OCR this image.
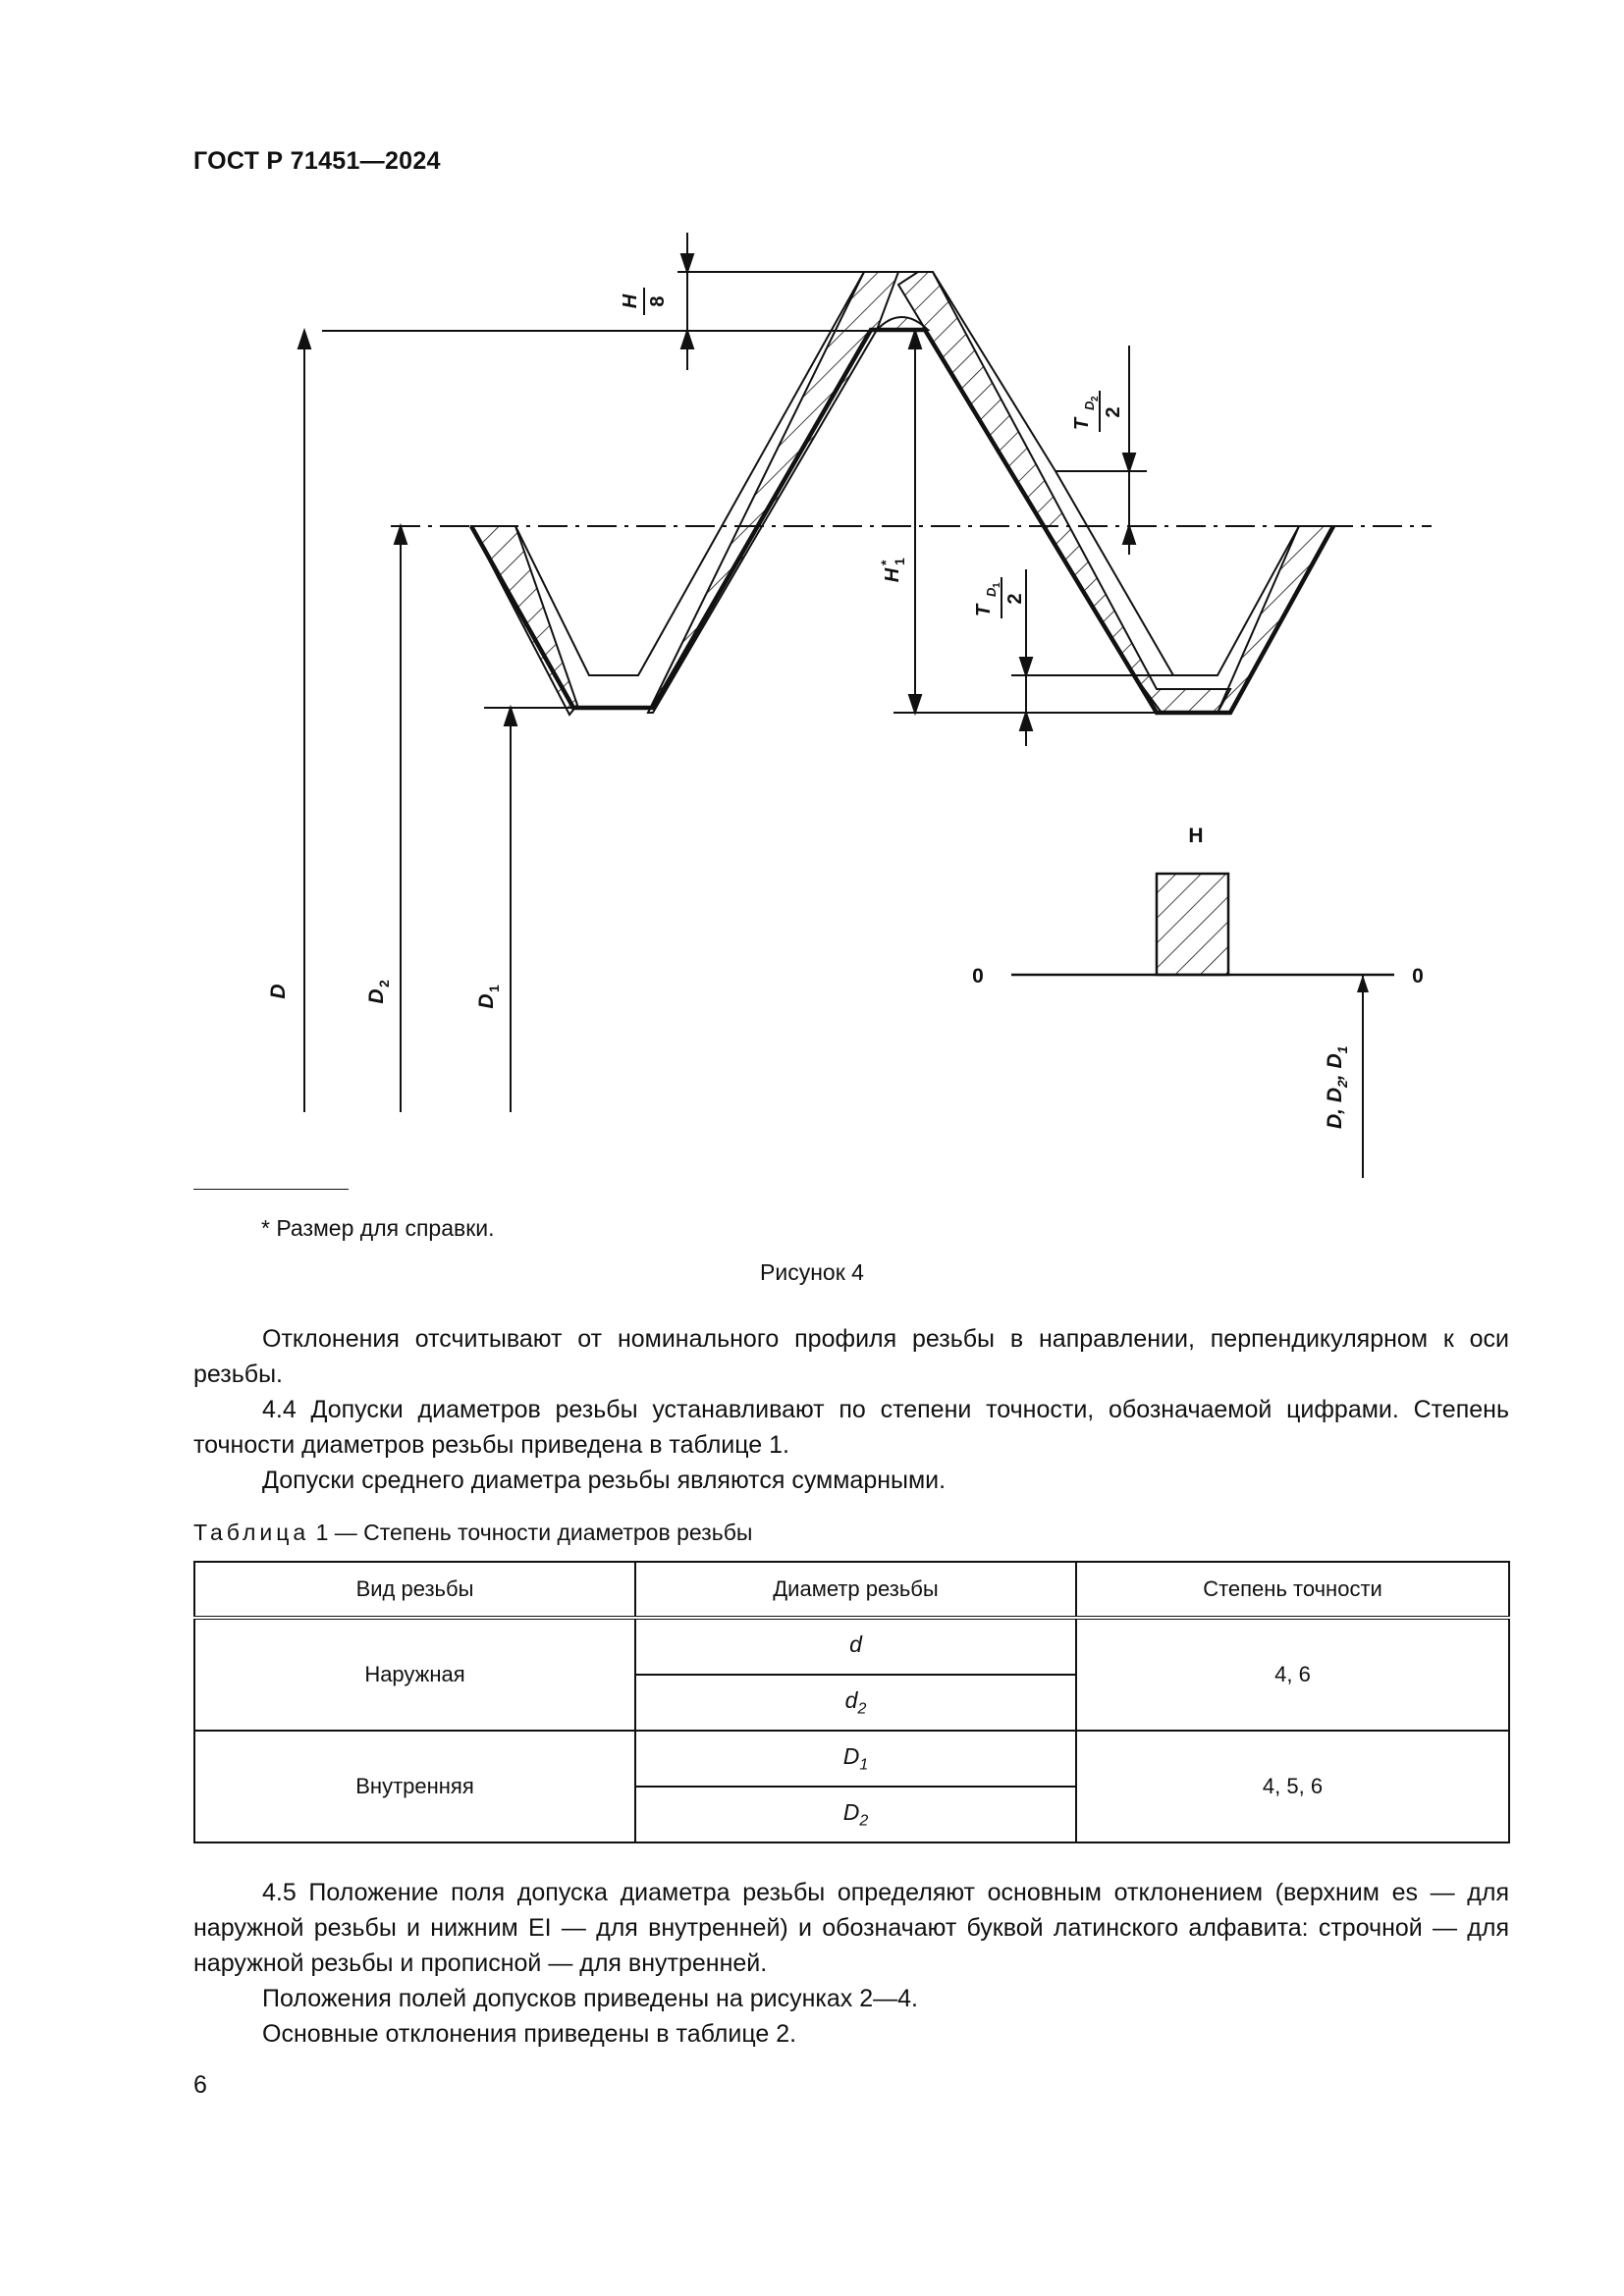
ГОСТ Р 71451—2024
H 8
T
D
2
2
H
1
*
T
D
1
2
D	D
2
D
1
H
0	0
D, $D_2$, $D_1$
* Размер для справки.
Рисунок 4
Отклонения отсчитывают от номинального профиля резьбы в направлении, перпендикулярном к оси резьбы.
4.4 Допуски диаметров резьбы устанавливают по степени точности, обозначаемой цифрами. Степень точности диаметров резьбы приведена в таблице 1.
Допуски среднего диаметра резьбы являются суммарными.
Таблица 1 — Степень точности диаметров резьбы
Вид резьбы	Диаметр резьбы	Степень точности
Наружная	d	4, 6
	$d_2$
Внутренняя	$D_1$	4, 5, 6
	$D_2$
4.5 Положение поля допуска диаметра резьбы определяют основным отклонением (верхним es — для наружной резьбы и нижним EI — для внутренней) и обозначают буквой латинского алфавита: строчной — для наружной резьбы и прописной — для внутренней.
Положения полей допусков приведены на рисунках 2—4.
Основные отклонения приведены в таблице 2.
6
